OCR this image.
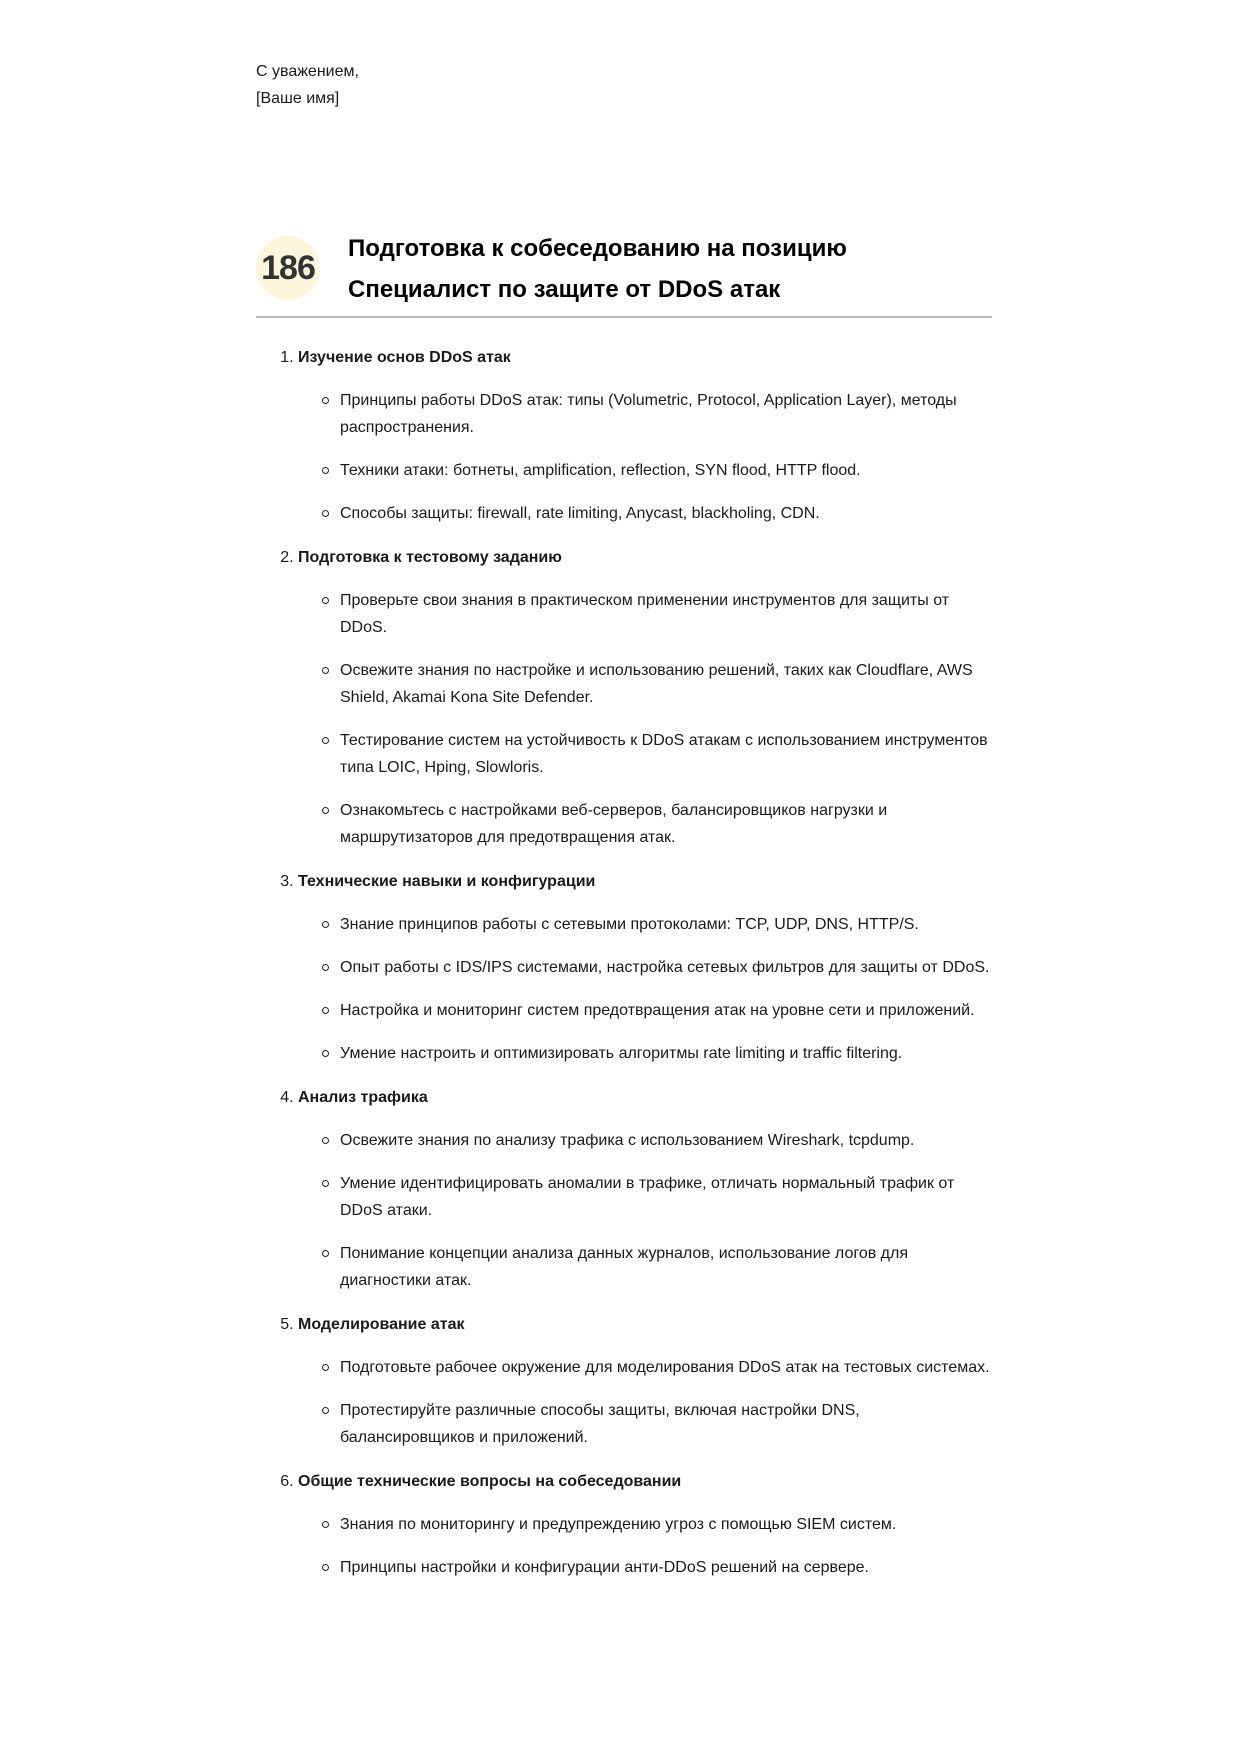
С уважением,
[Ваше имя]
186 Подготовка к собеседованию на позицию
Специалист по защите от DDoS атак
1. Изучение основ DDoS атак
Принципы работы DDoS атак: типы (Volumetric, Protocol, Application Layer), методы распространения.
Техники атаки: ботнеты, amplification, reflection, SYN flood, HTTP flood.
Способы защиты: firewall, rate limiting, Anycast, blackholing, CDN.
2. Подготовка к тестовому заданию
Проверьте свои знания в практическом применении инструментов для защиты от DDoS.
Освежите знания по настройке и использованию решений, таких как Cloudflare, AWS Shield, Akamai Kona Site Defender.
Тестирование систем на устойчивость к DDoS атакам с использованием инструментов типа LOIC, Hping, Slowloris.
Ознакомьтесь с настройками веб-серверов, балансировщиков нагрузки и маршрутизаторов для предотвращения атак.
3. Технические навыки и конфигурации
Знание принципов работы с сетевыми протоколами: TCP, UDP, DNS, HTTP/S.
Опыт работы с IDS/IPS системами, настройка сетевых фильтров для защиты от DDoS.
Настройка и мониторинг систем предотвращения атак на уровне сети и приложений.
Умение настроить и оптимизировать алгоритмы rate limiting и traffic filtering.
4. Анализ трафика
Освежите знания по анализу трафика с использованием Wireshark, tcpdump.
Умение идентифицировать аномалии в трафике, отличать нормальный трафик от DDoS атаки.
Понимание концепции анализа данных журналов, использование логов для диагностики атак.
5. Моделирование атак
Подготовьте рабочее окружение для моделирования DDoS атак на тестовых системах.
Протестируйте различные способы защиты, включая настройки DNS, балансировщиков и приложений.
6. Общие технические вопросы на собеседовании
Знания по мониторингу и предупреждению угроз с помощью SIEM систем.
Принципы настройки и конфигурации анти-DDoS решений на сервере.
